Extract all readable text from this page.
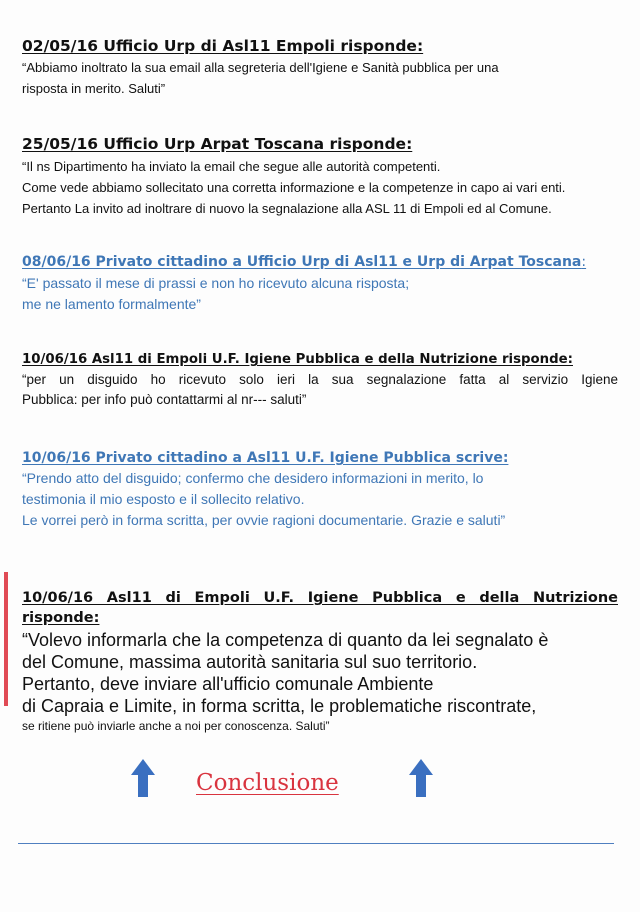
02/05/16 Ufficio Urp di Asl11 Empoli risponde:
“Abbiamo inoltrato la sua email alla segreteria dell'Igiene e Sanità pubblica per una
risposta in merito. Saluti”
25/05/16 Ufficio Urp Arpat Toscana risponde:
“Il ns Dipartimento ha inviato la email che segue alle autorità competenti.
Come vede abbiamo sollecitato una corretta informazione e la competenze in capo ai vari enti.
Pertanto La invito ad inoltrare di nuovo la segnalazione alla ASL 11 di Empoli ed al Comune.
08/06/16 Privato cittadino a Ufficio Urp di Asl11 e Urp di Arpat Toscana:
“E' passato il mese di prassi e non ho ricevuto alcuna risposta;
me ne lamento formalmente”
10/06/16 Asl11 di Empoli U.F. Igiene Pubblica e della Nutrizione risponde:
“per un disguido ho ricevuto solo ieri la sua segnalazione fatta al servizio Igiene
Pubblica: per info può contattarmi al nr--- saluti”
10/06/16 Privato cittadino a Asl11 U.F. Igiene Pubblica scrive:
“Prendo atto del disguido; confermo che desidero informazioni in merito, lo
testimonia il mio esposto e il sollecito relativo.
Le vorrei però in forma scritta, per ovvie ragioni documentarie. Grazie e saluti”
10/06/16 Asl11 di Empoli U.F. Igiene Pubblica e della Nutrizione
risponde:
“Volevo informarla che la competenza di quanto da lei segnalato è
del Comune, massima autorità sanitaria sul suo territorio.
Pertanto, deve inviare all'ufficio comunale Ambiente
di Capraia e Limite, in forma scritta, le problematiche riscontrate,
se ritiene può inviarle anche a noi per conoscenza. Saluti”
Conclusione
